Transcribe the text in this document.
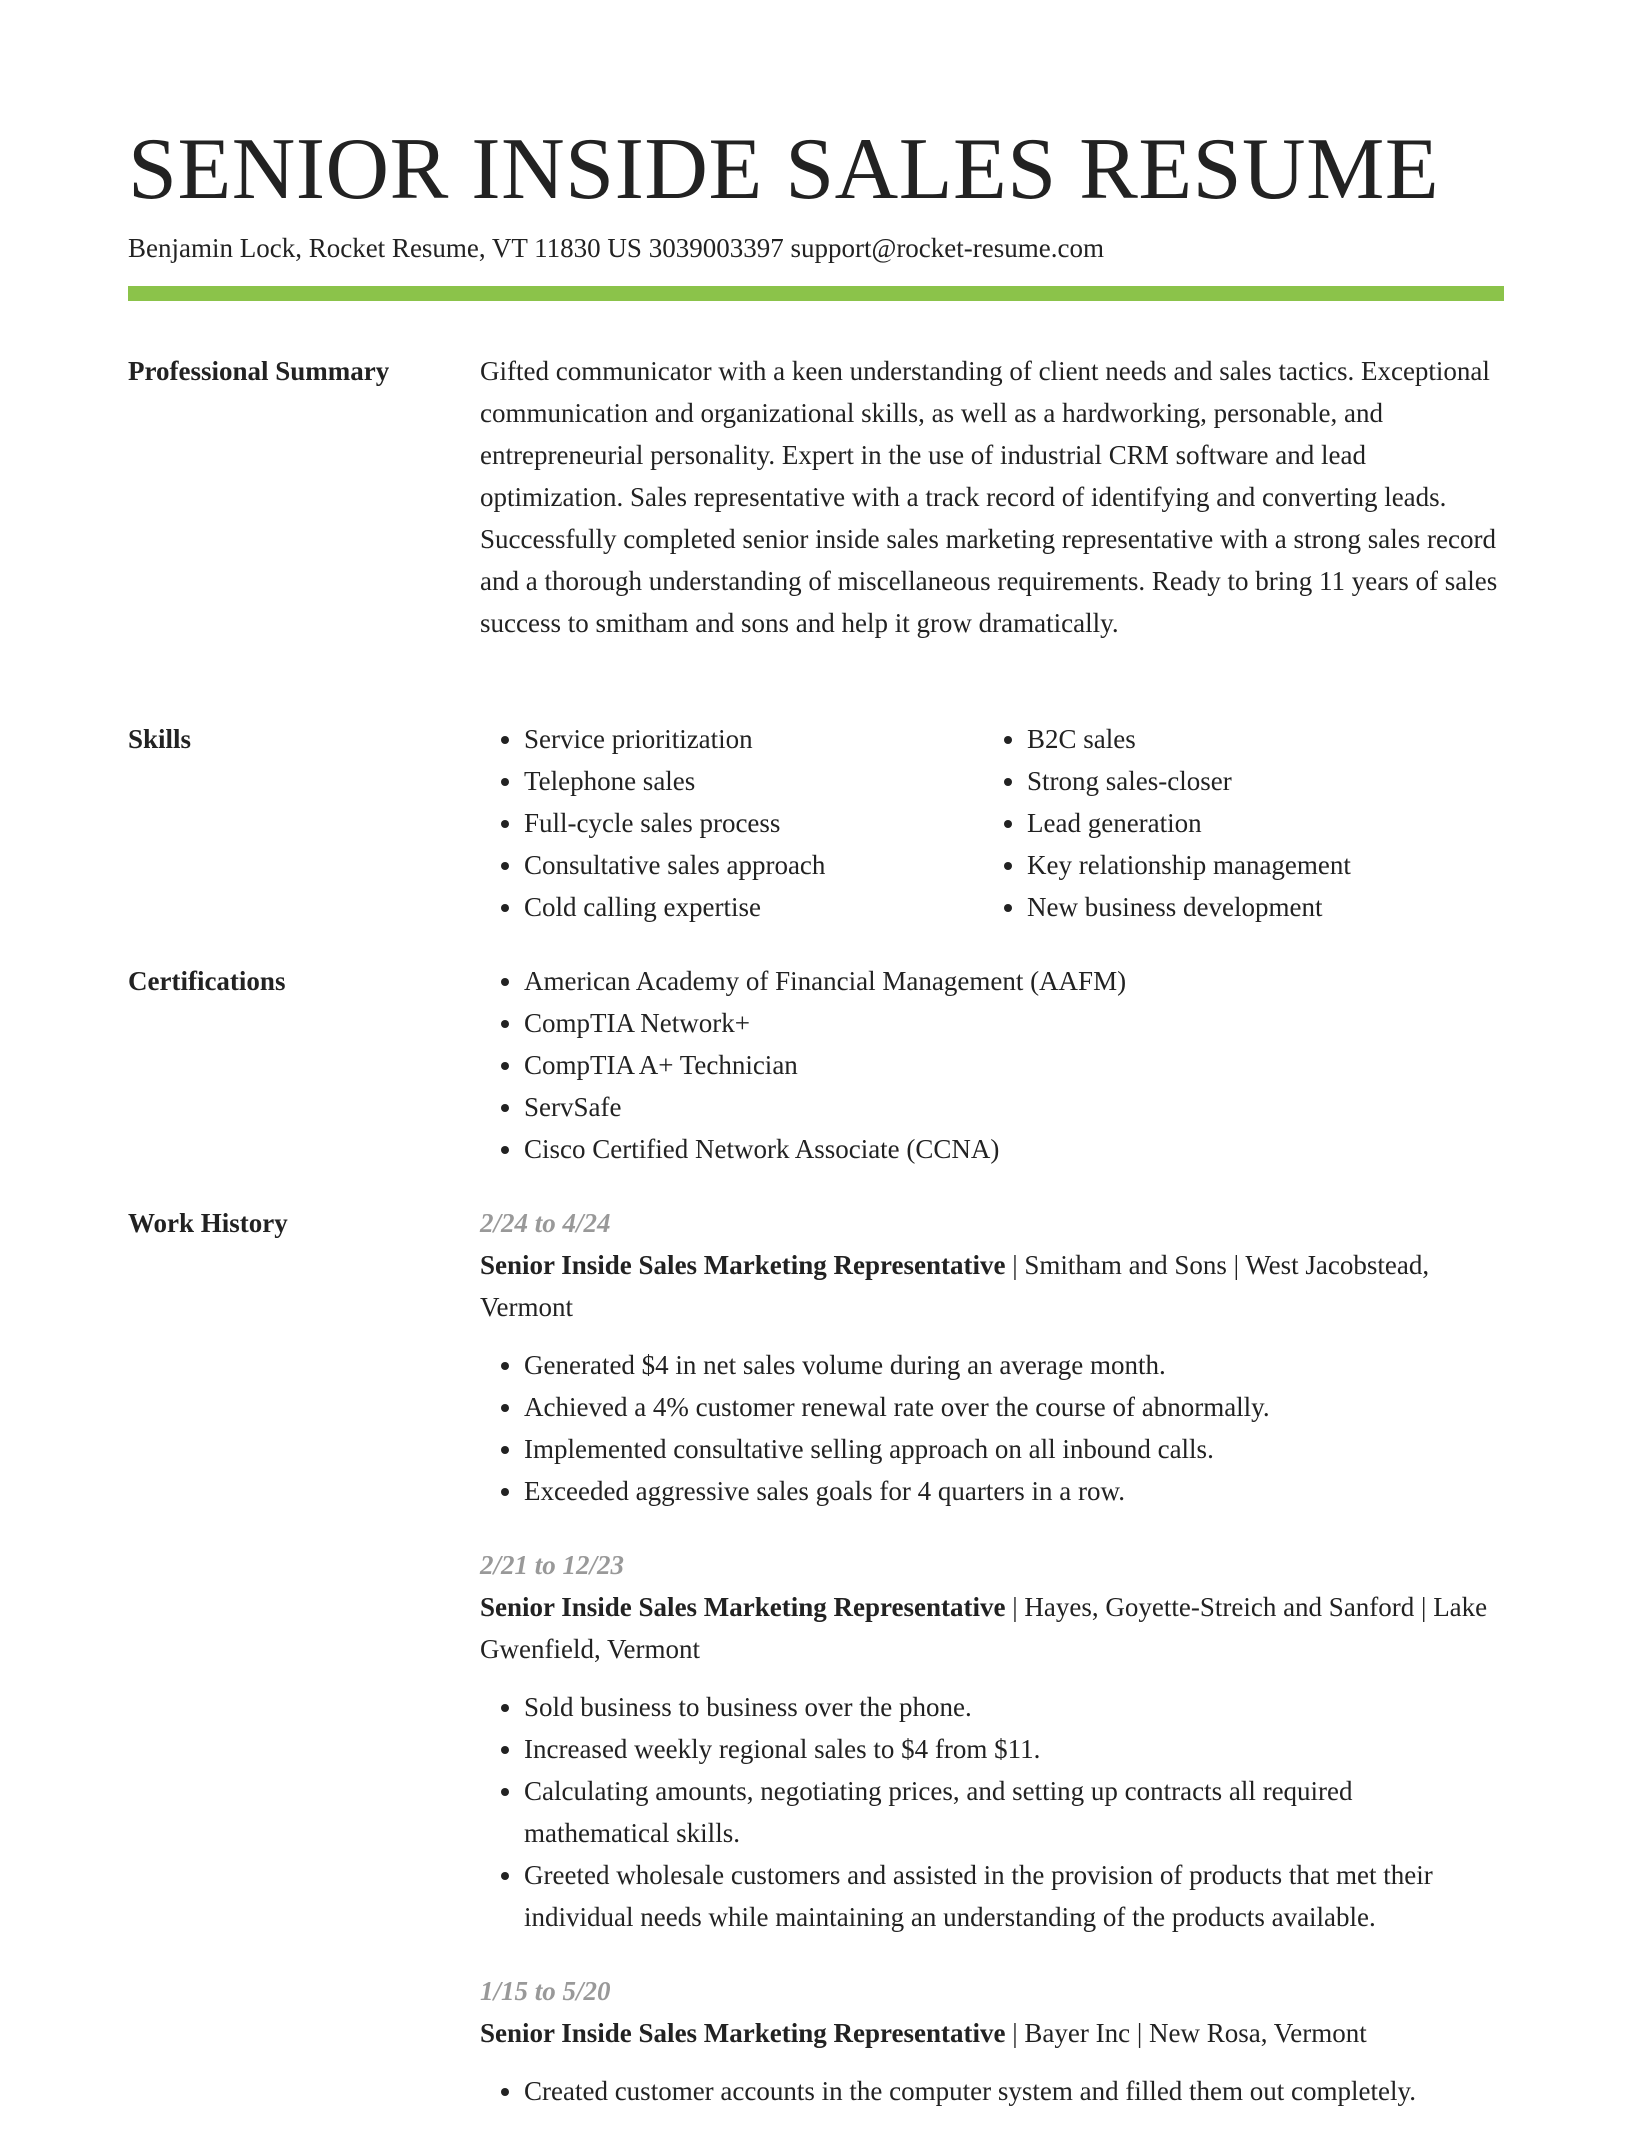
SENIOR INSIDE SALES RESUME
Benjamin Lock, Rocket Resume, VT 11830 US 3039003397 support@rocket-resume.com
Professional Summary	Gifted communicator with a keen understanding of client needs and sales tactics. Exceptional communication and organizational skills, as well as a hardworking, personable, and entrepreneurial personality. Expert in the use of industrial CRM software and lead optimization. Sales representative with a track record of identifying and converting leads. Successfully completed senior inside sales marketing representative with a strong sales record and a thorough understanding of miscellaneous requirements. Ready to bring 11 years of sales success to smitham and sons and help it grow dramatically.

Skills	• Service prioritization
• Telephone sales
• Full-cycle sales process
• Consultative sales approach
• Cold calling expertise
• B2C sales
• Strong sales-closer
• Lead generation
• Key relationship management
• New business development
Certifications	• American Academy of Financial Management (AAFM)
• CompTIA Network+
• CompTIA A+ Technician
• ServSafe
• Cisco Certified Network Associate (CCNA)
Work History	2/24 to 4/24
Senior Inside Sales Marketing Representative | Smitham and Sons | West Jacobstead, Vermont
• Generated $4 in net sales volume during an average month.
• Achieved a 4% customer renewal rate over the course of abnormally.
• Implemented consultative selling approach on all inbound calls.
• Exceeded aggressive sales goals for 4 quarters in a row.
2/21 to 12/23
Senior Inside Sales Marketing Representative | Hayes, Goyette-Streich and Sanford | Lake Gwenfield, Vermont
• Sold business to business over the phone.
• Increased weekly regional sales to $4 from $11.
• Calculating amounts, negotiating prices, and setting up contracts all required mathematical skills.
• Greeted wholesale customers and assisted in the provision of products that met their individual needs while maintaining an understanding of the products available.
1/15 to 5/20
Senior Inside Sales Marketing Representative | Bayer Inc | New Rosa, Vermont
• Created customer accounts in the computer system and filled them out completely.
